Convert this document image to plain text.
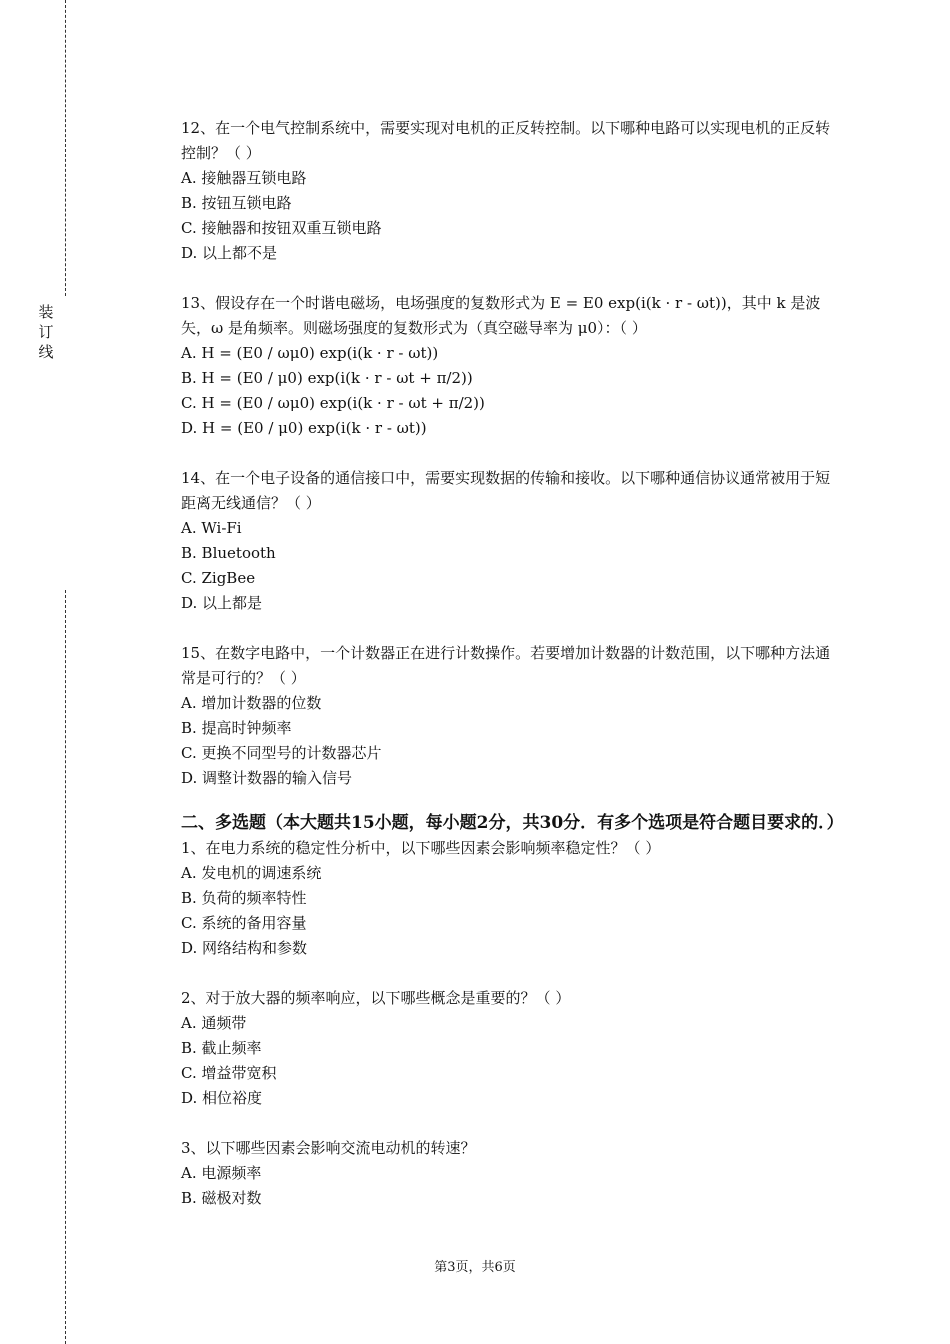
装
订
线
12、在一个电气控制系统中，需要实现对电机的正反转控制。以下哪种电路可以实现电机的正反转控制？（ ）
A. 接触器互锁电路
B. 按钮互锁电路
C. 接触器和按钮双重互锁电路
D. 以上都不是
13、假设存在一个时谐电磁场，电场强度的复数形式为 E = E0 exp(i(k · r - ωt))，其中 k 是波矢，ω 是角频率。则磁场强度的复数形式为（真空磁导率为 μ0）：（ ）
A. H = (E0 / ωμ0) exp(i(k · r - ωt))
B. H = (E0 / μ0) exp(i(k · r - ωt + π/2))
C. H = (E0 / ωμ0) exp(i(k · r - ωt + π/2))
D. H = (E0 / μ0) exp(i(k · r - ωt))
14、在一个电子设备的通信接口中，需要实现数据的传输和接收。以下哪种通信协议通常被用于短距离无线通信？（ ）
A. Wi-Fi
B. Bluetooth
C. ZigBee
D. 以上都是
15、在数字电路中，一个计数器正在进行计数操作。若要增加计数器的计数范围，以下哪种方法通常是可行的？（ ）
A. 增加计数器的位数
B. 提高时钟频率
C. 更换不同型号的计数器芯片
D. 调整计数器的输入信号
二、多选题（本大题共15小题，每小题2分，共30分．有多个选项是符合题目要求的．）
1、在电力系统的稳定性分析中，以下哪些因素会影响频率稳定性？（ ）
A. 发电机的调速系统
B. 负荷的频率特性
C. 系统的备用容量
D. 网络结构和参数
2、对于放大器的频率响应，以下哪些概念是重要的？（ ）
A. 通频带
B. 截止频率
C. 增益带宽积
D. 相位裕度
3、以下哪些因素会影响交流电动机的转速？
A. 电源频率
B. 磁极对数
第3页，共6页
